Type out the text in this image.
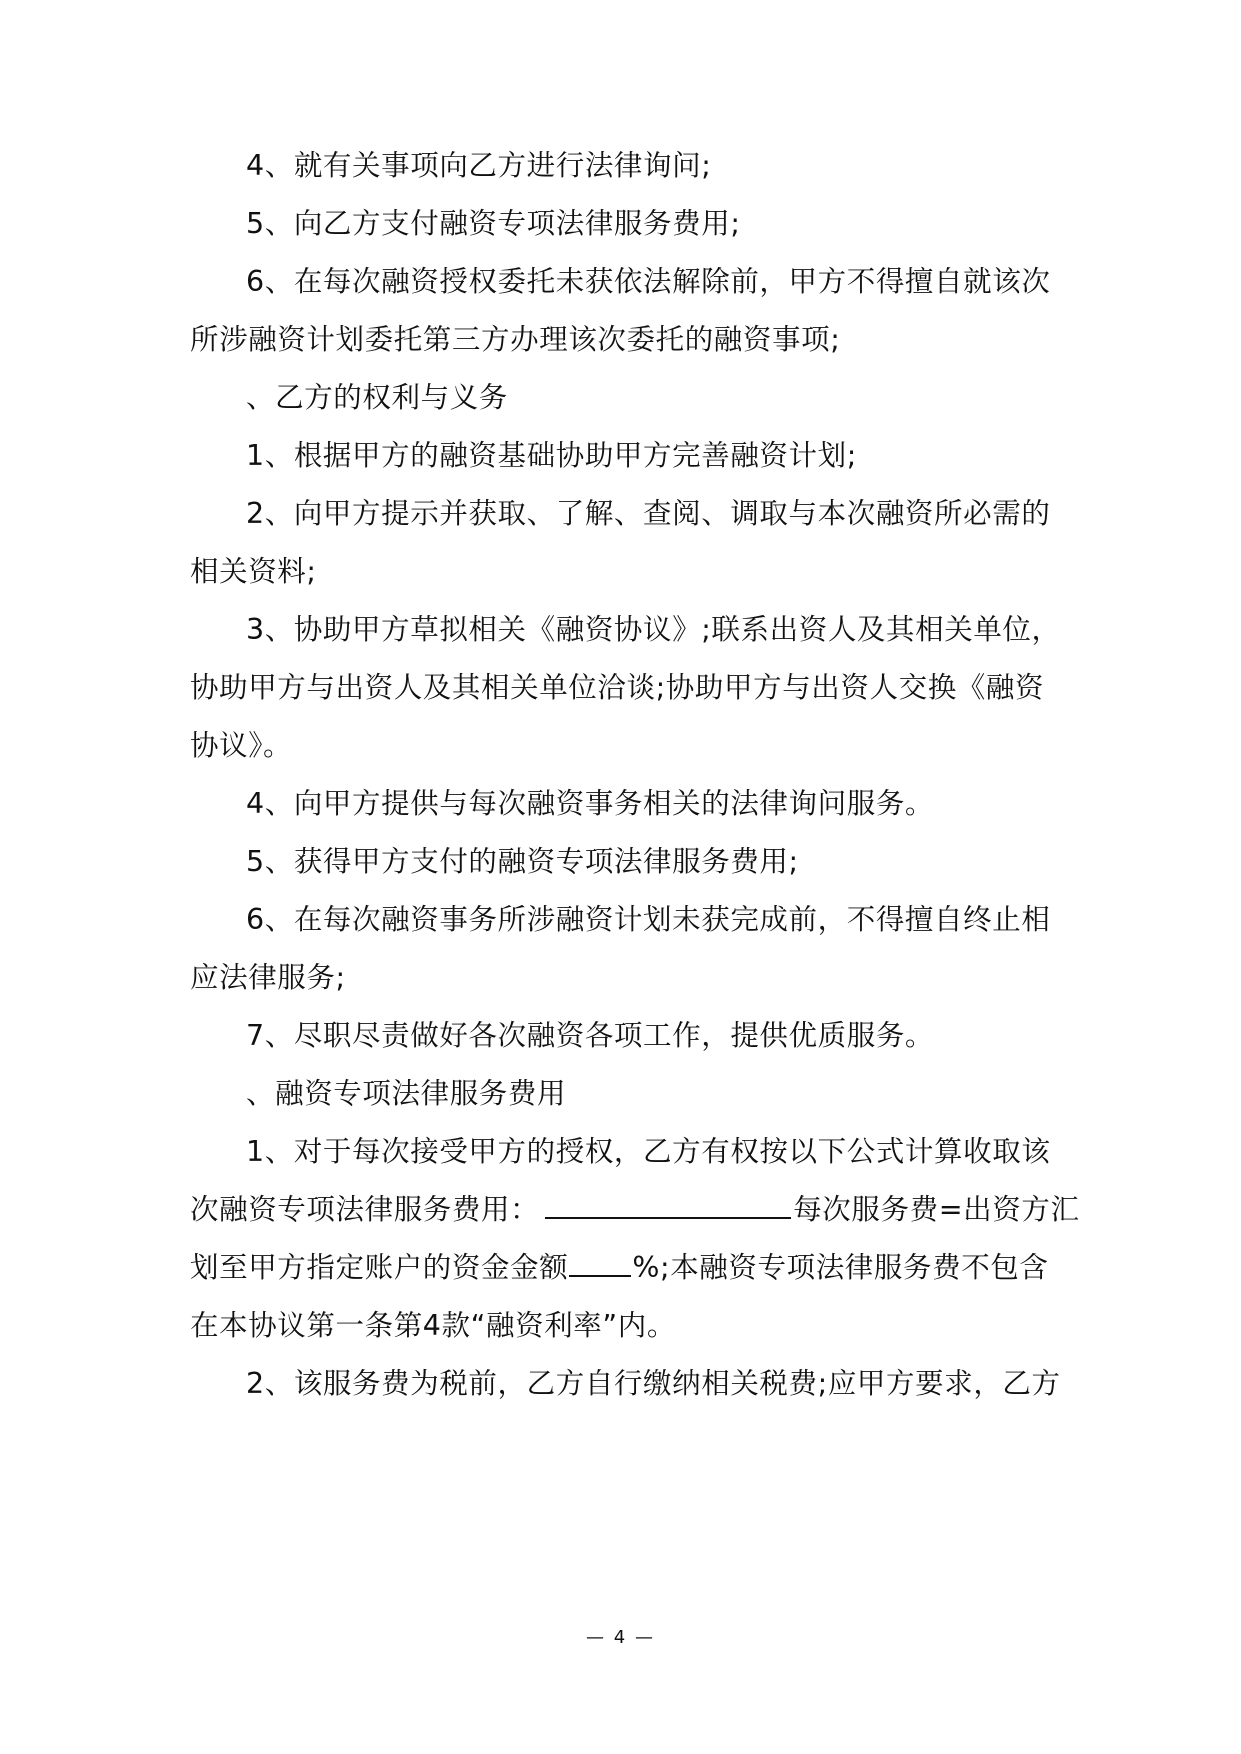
4、就有关事项向乙方进行法律询问;
5、向乙方支付融资专项法律服务费用;
6、在每次融资授权委托未获依法解除前，甲方不得擅自就该次
所涉融资计划委托第三方办理该次委托的融资事项;
、乙方的权利与义务
1、根据甲方的融资基础协助甲方完善融资计划;
2、向甲方提示并获取、了解、查阅、调取与本次融资所必需的
相关资料;
3、协助甲方草拟相关《融资协议》;联系出资人及其相关单位，
协助甲方与出资人及其相关单位洽谈;协助甲方与出资人交换《融资
协议》。
4、向甲方提供与每次融资事务相关的法律询问服务。
5、获得甲方支付的融资专项法律服务费用;
6、在每次融资事务所涉融资计划未获完成前，不得擅自终止相
应法律服务;
7、尽职尽责做好各次融资各项工作，提供优质服务。
、融资专项法律服务费用
1、对于每次接受甲方的授权，乙方有权按以下公式计算收取该
次融资专项法律服务费用：	每次服务费=出资方汇
划至甲方指定账户的资金金额 %;本融资专项法律服务费不包含
在本协议第一条第4款“融资利率”内。
2、该服务费为税前，乙方自行缴纳相关税费;应甲方要求，乙方
— 4 —
